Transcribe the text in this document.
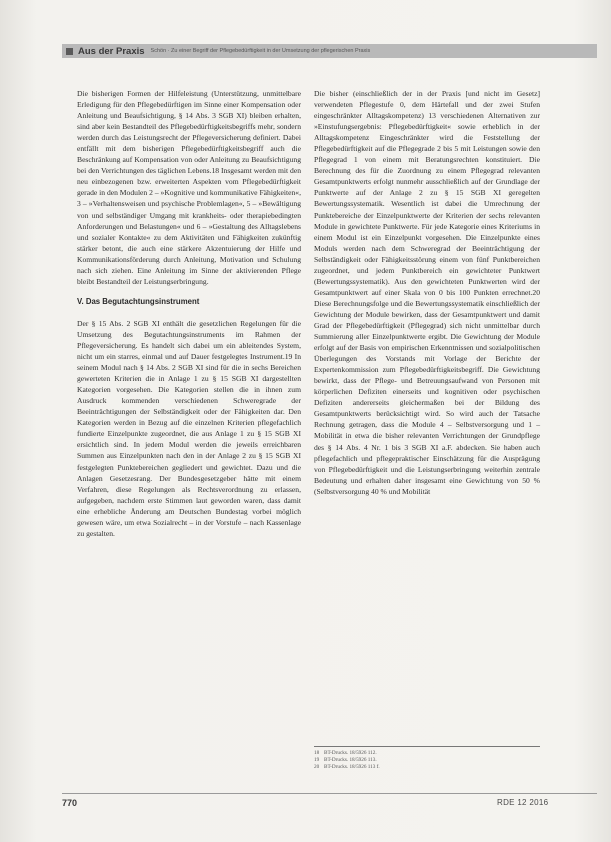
Aus der Praxis Schön · Zu einer Begriff der Pflegebedürftigkeit in der Umsetzung der pflegerischen Praxis

Die bisherigen Formen der Hilfeleistung (Unterstützung, unmittelbare Erledigung für den Pflegebedürftigen im Sinne einer Kompensation oder Anleitung und Beaufsichtigung, § 14 Abs. 3 SGB XI) bleiben erhalten, sind aber kein Bestandteil des Pflegebedürftigkeitsbegriffs mehr, sondern werden durch das Leistungsrecht der Pflegeversicherung definiert. Dabei entfällt mit dem bisherigen Pflegebedürftigkeitsbegriff auch die Beschränkung auf Kompensation von oder Anleitung zu Beaufsichtigung bei den Verrichtungen des täglichen Lebens.18 Insgesamt werden mit den neu einbezogenen bzw. erweiterten Aspekten vom Pflegebedürftigkeit gerade in den Modulen 2 – »Kognitive und kommunikative Fähigkeiten«, 3 – »Verhaltensweisen und psychische Problemlagen«, 5 – »Bewältigung von und selbständiger Umgang mit krankheits- oder therapiebedingten Anforderungen und Belastungen« und 6 – »Gestaltung des Alltagslebens und sozialer Kontakte« zu dem Aktivitäten und Fähigkeiten zukünftig stärker betont, die auch eine stärkere Akzentuierung der Hilfe und Kommunikationsförderung durch Anleitung, Motivation und Schulung nach sich ziehen. Eine Anleitung im Sinne der aktivierenden Pflege bleibt Bestandteil der Leistungserbringung.

V. Das Begutachtungsinstrument

Der § 15 Abs. 2 SGB XI enthält die gesetzlichen Regelungen für die Umsetzung des Begutachtungsinstruments im Rahmen der Pflegeversicherung. Es handelt sich dabei um ein ableitendes System, nicht um ein starres, einmal und auf Dauer festgelegtes Instrument.19 In seinem Modul nach § 14 Abs. 2 SGB XI sind für die in sechs Bereichen gewerteten Kriterien die in Anlage 1 zu § 15 SGB XI dargestellten Kategorien vorgesehen. Die Kategorien stellen die in ihnen zum Ausdruck kommenden verschiedenen Schweregrade der Beeinträchtigungen der Selbständigkeit oder der Fähigkeiten dar. Den Kategorien werden in Bezug auf die einzelnen Kriterien pflegefachlich fundierte Einzelpunkte zugeordnet, die aus Anlage 1 zu § 15 SGB XI ersichtlich sind. In jedem Modul werden die jeweils erreichbaren Summen aus Einzelpunkten nach den in der Anlage 2 zu § 15 SGB XI festgelegten Punktebereichen gegliedert und gewichtet. Dazu und die Anlagen Gesetzesrang. Der Bundesgesetzgeber hätte mit einem Verfahren, diese Regelungen als Rechtsverordnung zu erlassen, aufgegeben, nachdem erste Stimmen laut geworden waren, dass damit eine erhebliche Änderung am Deutschen Bundestag vorbei möglich gewesen wäre, um etwa Sozialrecht – in der Vorstufe – nach Kassenlage zu gestalten.

Die bisher (einschließlich der in der Praxis [und nicht im Gesetz] verwendeten Pflegestufe 0, dem Härtefall und der zwei Stufen eingeschränkter Alltagskompetenz) 13 verschiedenen Alternativen zur »Einstufungsergebnis: Pflegebedürftigkeit« sowie erheblich in der Alltagskompetenz Eingeschränkter wird die Feststellung der Pflegebedürftigkeit auf die Pflegegrade 2 bis 5 mit Leistungen sowie den Pflegegrad 1 von einem mit Beratungsrechten konstituiert. Die Berechnung des für die Zuordnung zu einem Pflegegrad relevanten Gesamtpunktwerts erfolgt nunmehr ausschließlich auf der Grundlage der Punktwerte auf der Anlage 2 zu § 15 SGB XI geregelten Bewertungssystematik. Wesentlich ist dabei die Umrechnung der Punktebereiche der Einzelpunktwerte der Kriterien der sechs relevanten Module in gewichtete Punktwerte. Für jede Kategorie eines Kriteriums in einem Modul ist ein Einzelpunkt vorgesehen. Die Einzelpunkte eines Moduls werden nach dem Schweregrad der Beeinträchtigung der Selbständigkeit oder Fähigkeitsstörung einem von fünf Punktbereichen zugeordnet, und jedem Punktbereich ein gewichteter Punktwert (Bewertungssystematik). Aus den gewichteten Punktwerten wird der Gesamtpunktwert auf einer Skala von 0 bis 100 Punkten errechnet.20 Diese Berechnungsfolge und die Bewertungssystematik einschließlich der Gewichtung der Module bewirken, dass der Gesamtpunktwert und damit Grad der Pflegebedürftigkeit (Pflegegrad) sich nicht unmittelbar durch Summierung aller Einzelpunktwerte ergibt. Die Gewichtung der Module erfolgt auf der Basis von empirischen Erkenntnissen und sozialpolitischen Überlegungen des Vorstands mit Vorlage der Berichte der Expertenkommission zum Pflegebedürftigkeitsbegriff. Die Gewichtung bewirkt, dass der Pflege- und Betreuungsaufwand von Personen mit körperlichen Defiziten einerseits und kognitiven oder psychischen Defiziten andererseits gleichermaßen bei der Bildung des Gesamtpunktwerts berücksichtigt wird. So wird auch der Tatsache Rechnung getragen, dass die Module 4 – Selbstversorgung und 1 – Mobilität in etwa die bisher relevanten Verrichtungen der Grundpflege des § 14 Abs. 4 Nr. 1 bis 3 SGB XI a.F. abdecken. Sie haben auch pflegefachlich und pflegepraktischer Einschätzung für die Ausprägung von Pflegebedürftigkeit und die Leistungserbringung weiterhin zentrale Bedeutung und erhalten daher insgesamt eine Gewichtung von 50 % (Selbstversorgung 40 % und Mobilität

18 BT-Drucks. 18/5926 112.
19 BT-Drucks. 18/5926 113.
20 BT-Drucks. 18/5926 113 f.
770	RDE 12 2016
